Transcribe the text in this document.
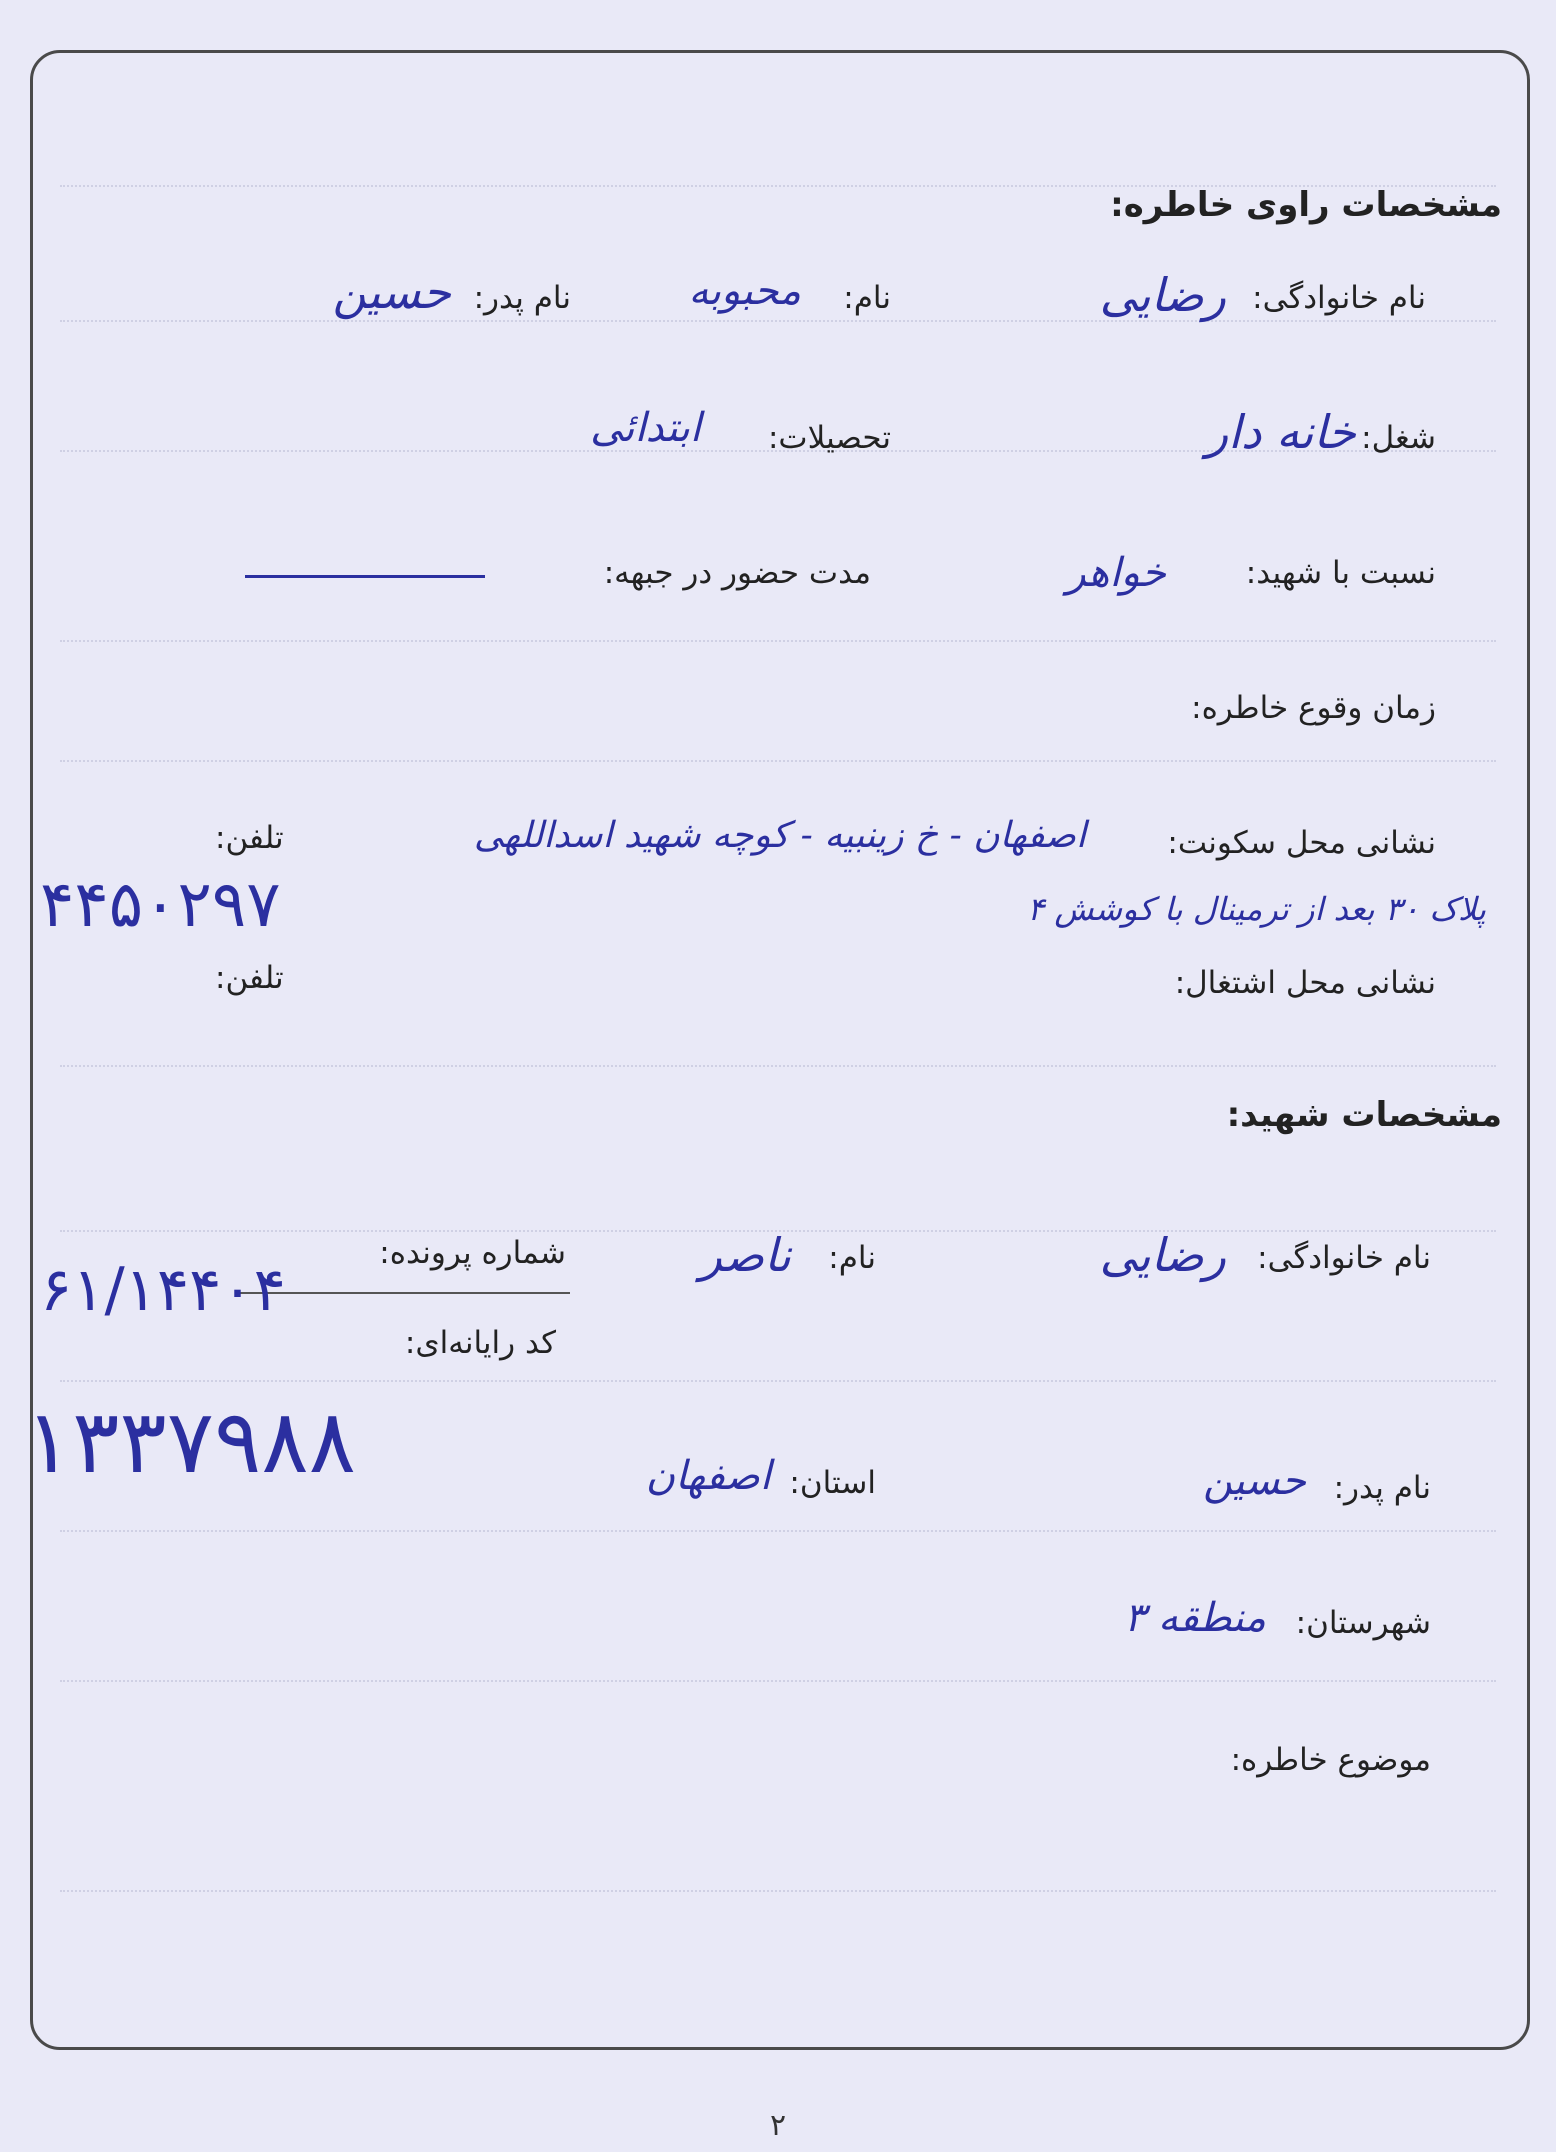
مشخصات راوی خاطره:
نام خانوادگی:
رضایی
نام:
محبوبه
نام پدر:
حسین
شغل:
خانه دار
تحصیلات:
ابتدائی
نسبت با شهید:
خواهر
مدت حضور در جبهه:
زمان وقوع خاطره:
نشانی محل سکونت:
اصفهان - خ زینبیه - کوچه شهید اسداللهی
پلاک ۳۰ بعد از ترمینال با کوشش ۴
تلفن:
۴۴۵۰۲۹۷
نشانی محل اشتغال:
تلفن:
مشخصات شهید:
نام خانوادگی:
رضایی
نام:
ناصر
شماره پرونده:
۶۱/۱۴۴۰۴
کد رایانه‌ای:
۱۳۳۷۹۸۸	نام پدر:
حسین
استان:
اصفهان
شهرستان:
منطقه ۳
موضوع خاطره:
۲
